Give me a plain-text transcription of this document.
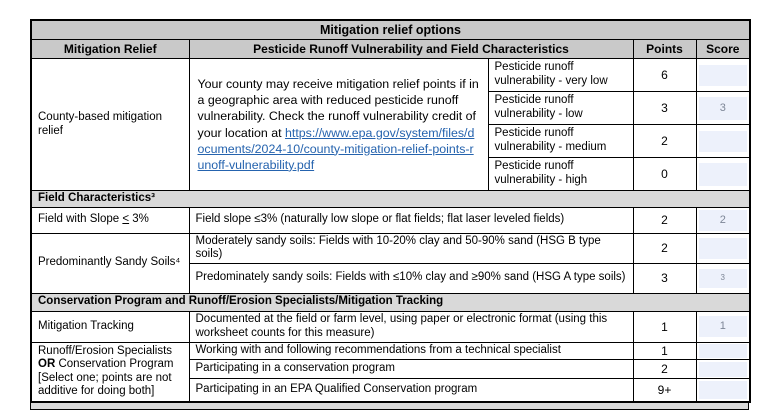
Mitigation relief options				
Mitigation Relief	Pesticide Runoff Vulnerability and Field Characteristics		Points	Score
County-based mitigation relief	Your county may receive mitigation relief points if in a geographic area with reduced pesticide runoff vulnerability. Check the runoff vulnerability credit of your location at https://www.epa.gov/system/files/documents/2024-10/county-mitigation-relief-points-runoff-vulnerability.pdf	Pesticide runoff vulnerability - very low	6	

		Pesticide runoff vulnerability - low	3	3

		Pesticide runoff vulnerability - medium	2	

		Pesticide runoff vulnerability - high	0	

Field Characteristics³				
Field with Slope < 3%	Field slope ≤3% (naturally low slope or flat fields; flat laser leveled fields)		2	2

Predominantly Sandy Soils⁴	Moderately sandy soils: Fields with 10-20% clay and 50-90% sand (HSG B type soils)		2	

	Predominately sandy soils: Fields with ≤10% clay and ≥90% sand (HSG A type soils)		3	3

Conservation Program and Runoff/Erosion Specialists/Mitigation Tracking				
Mitigation Tracking	Documented at the field or farm level, using paper or electronic format (using this worksheet counts for this measure)		1	1

Runoff/Erosion Specialists OR Conservation Program [Select one; points are not additive for doing both]	Working with and following recommendations from a technical specialist		1	

	Participating in a conservation program		2	

	Participating in an EPA Qualified Conservation program		9+	
